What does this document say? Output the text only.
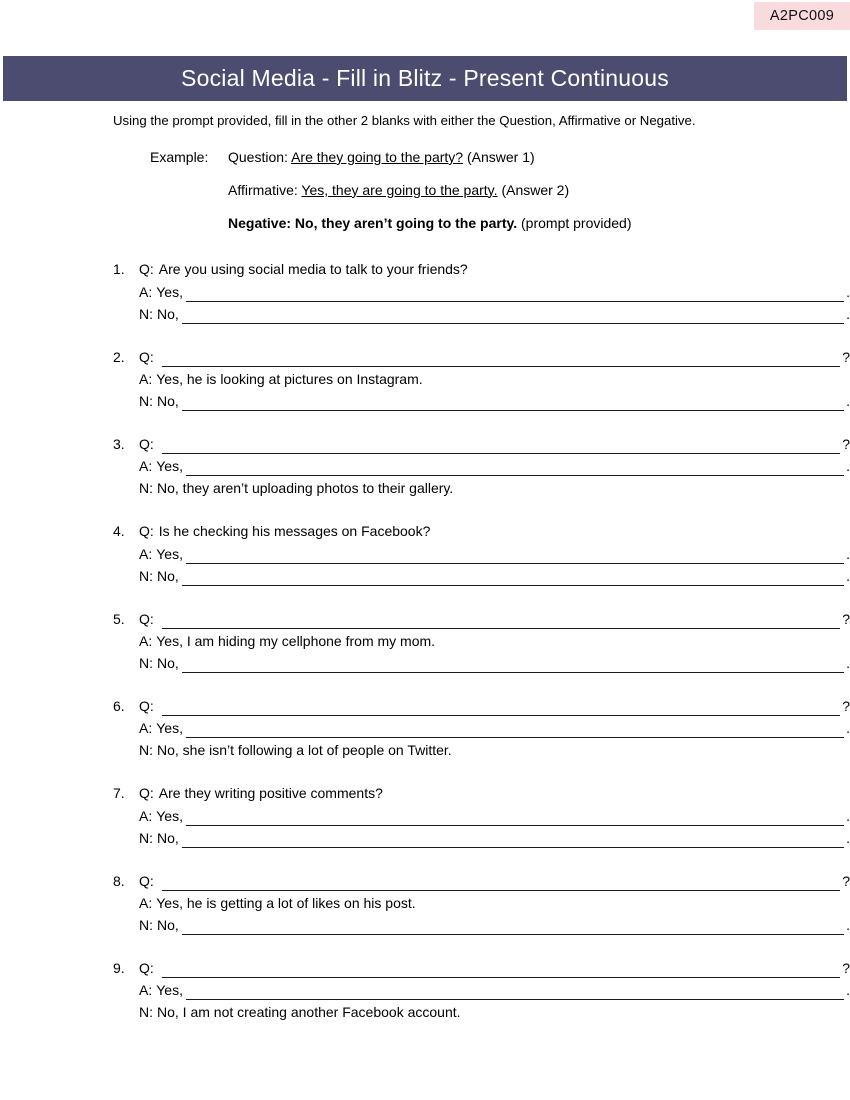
A2PC009
Social Media - Fill in Blitz - Present Continuous

Using the prompt provided, fill in the other 2 blanks with either the Question, Affirmative or Negative.

Example:	Question: Are they going to the party? (Answer 1)
Affirmative: Yes, they are going to the party. (Answer 2)
Negative: No, they aren’t going to the party. (prompt provided)
1.	Q: Are you using social media to talk to your friends?
A: Yes,	.
N: No,	.
2.	Q:	?
A: Yes, he is looking at pictures on Instagram.
N: No,	.
3.	Q:	?
A: Yes,	.
N: No, they aren’t uploading photos to their gallery.
4.	Q: Is he checking his messages on Facebook?
A: Yes,	.
N: No,	.
5.	Q:	?
A: Yes, I am hiding my cellphone from my mom.
N: No,	.
6.	Q:	?
A: Yes,	.
N: No, she isn’t following a lot of people on Twitter.
7.	Q: Are they writing positive comments?
A: Yes,	.
N: No,	.
8.	Q:	?
A: Yes, he is getting a lot of likes on his post.
N: No,	.
9.	Q:	?
A: Yes,	.
N: No, I am not creating another Facebook account.
